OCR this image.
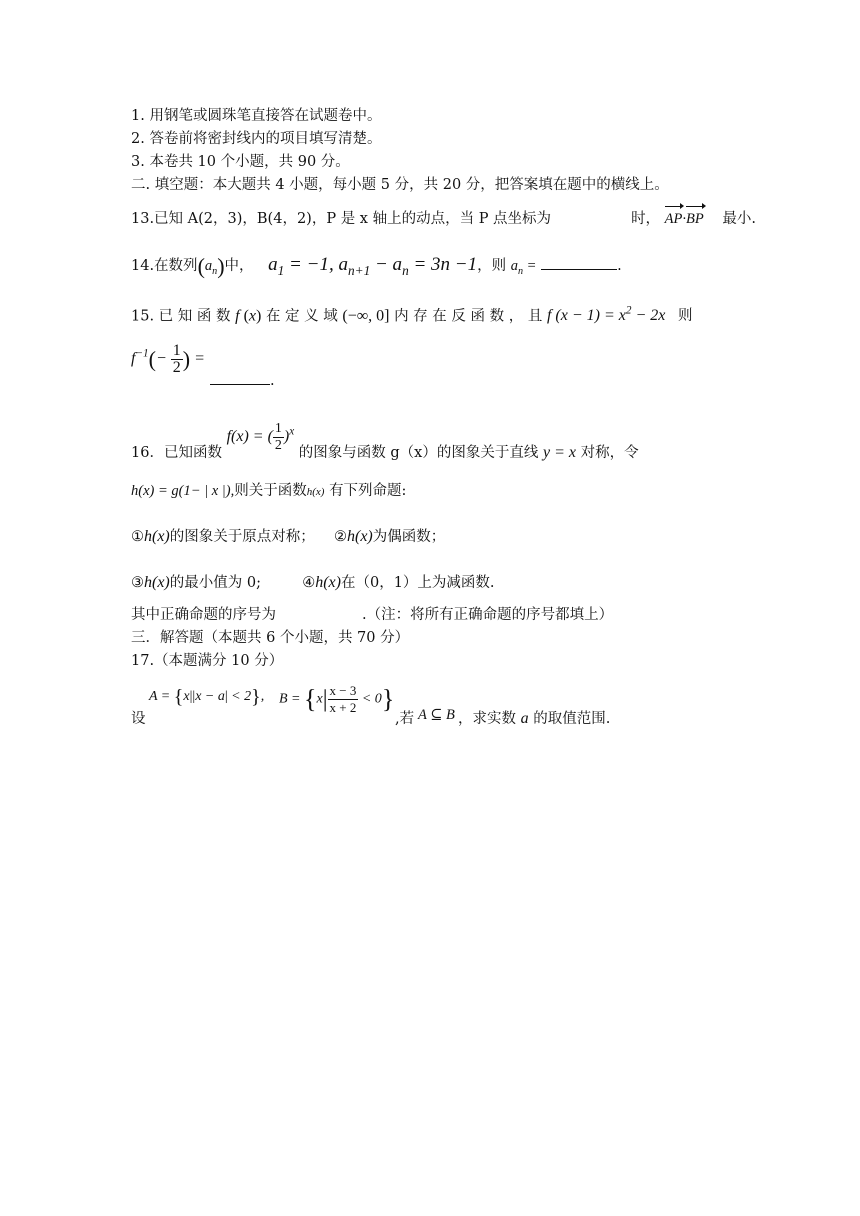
1. 用钢笔或圆珠笔直接答在试题卷中。
2. 答卷前将密封线内的项目填写清楚。
3. 本卷共 10 个小题，共 90 分。
二. 填空题：本大题共 4 小题，每小题 5 分，共 20 分，把答案填在题中的横线上。
13.已知 A(2，3)，B(4，2)，P 是 x 轴上的动点，当 P 点坐标为	时， AP·BP 最小.
14.在数列$(a_n)$中， $a_1 = -1$, $a_{n+1} - a_n = 3n -1$，则 $a_n$ =	.
15. 已 知 函 数 f (x) 在 定 义 域 (−∞, 0] 内 存 在 反 函 数 ， 且 f $(x - 1) = x^2 - 2x$ 则
$f^{-1}(- \frac{1}{2}$ ) =
.
16．已知函数 f(x) = ( $\frac{1}{2} )^x$ 的图象与函数 g（x）的图象关于直线 y = x 对称，令
h(x) = g(1− | x |),则关于函数h(x) 有下列命题:
①h(x)的图象关于原点对称； ②h(x)为偶函数；
③h(x)的最小值为 0;	④h(x)在（0，1）上为减函数.
其中正确命题的序号为	.（注：将所有正确命题的序号都填上）
三．解答题（本题共 6 个小题，共 70 分）
17.（本题满分 10 分）
设
A = {x||x − a| < 2}, $B = \{x| \frac{x - 3}{x + 2} < 0\}$
,若 A ⊆ B ，求实数 a 的取值范围.
